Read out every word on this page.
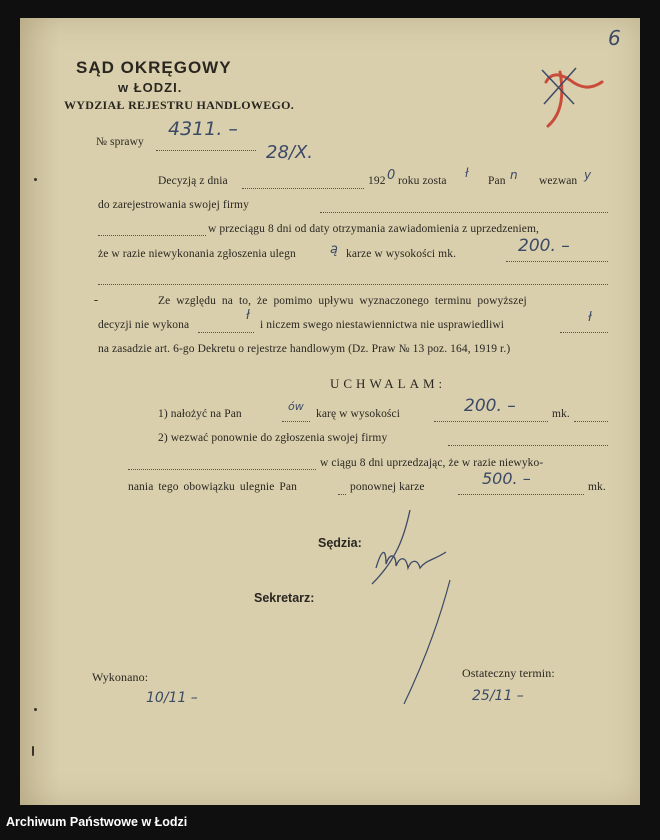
SĄD OKRĘGOWY
w ŁODZI.
WYDZIAŁ REJESTRU HANDLOWEGO.
6
№ sprawy
4311. –
Decyzją z dnia
28/X.
192 0 roku zosta
ł
Pan n wezwan y
do zarejestrowania swojej firmy
w przeciągu 8 dni od daty otrzymania zawiadomienia z uprzedzeniem,
że w razie niewykonania zgłoszenia ulegn	ą karze w wysokości mk.	200. –
Ze względu na to, że pomimo upływu wyznaczonego terminu powyższej
decyzji nie wykona
ł
i niczem swego niestawiennictwa nie usprawiedliwi	ł
na zasadzie art. 6-go Dekretu o rejestrze handlowym (Dz. Praw № 13 poz. 164, 1919 r.)
UCHWALAM:
1) nałożyć na Pan
ów
karę w wysokości	200. –	mk.
2) wezwać ponownie do zgłoszenia swojej firmy
w ciągu 8 dni uprzedzając, że w razie niewyko-
nania tego obowiązku ulegnie Pan	ponownej karze	500. –	mk.
Sędzia:
Sekretarz:
Wykonano:
10/11 –
Ostateczny termin:
25/11 –
Archiwum Państwowe w Łodzi
